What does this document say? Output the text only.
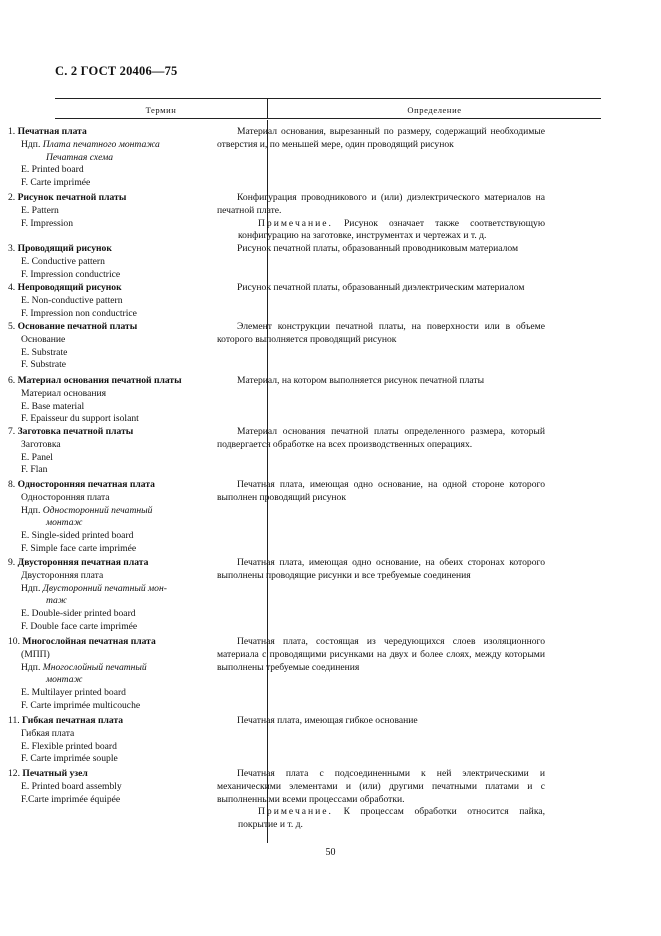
С. 2 ГОСТ 20406—75
Термин	Определение
1. Печатная плата
Ндп. Плата печатного монтажа
Печатная схема
E. Printed board
F. Carte imprimée
Материал основания, вырезанный по размеру, содержащий необходимые отверстия и, по меньшей мере, один проводящий рисунок
2. Рисунок печатной платы
E. Pattern
F. Impression
Конфигурация проводникового и (или) диэлектрического материалов на печатной плате.
Примечание. Рисунок означает также соответствующую конфигурацию на заготовке, инструментах и чертежах и т. д.
3. Проводящий рисунок
E. Conductive pattern
F. Impression conductrice
Рисунок печатной платы, образованный проводниковым материалом
4. Непроводящий рисунок
E. Non-conductive pattern
F. Impression non conductrice
Рисунок печатной платы, образованный диэлектрическим материалом
5. Основание печатной платы
Основание
E. Substrate
F. Substrate
Элемент конструкции печатной платы, на поверхности или в объеме которого выполняется проводящий рисунок
6. Материал основания печатной платы
Материал основания
E. Base material
F. Epaisseur du support isolant
Материал, на котором выполняется рисунок печатной платы
7. Заготовка печатной платы
Заготовка
E. Panel
F. Flan
Материал основания печатной платы определенного размера, который подвергается обработке на всех производственных операциях.
8. Односторонняя печатная плата
Односторонняя плата
Ндп. Односторонний печатный
монтаж
E. Single-sided printed board
F. Simple face carte imprimée
Печатная плата, имеющая одно основание, на одной стороне которого выполнен проводящий рисунок
9. Двусторонняя печатная плата
Двусторонняя плата
Ндп. Двусторонний печатный мон-
таж
E. Double-sider printed board
F. Double face carte imprimée
Печатная плата, имеющая одно основание, на обеих сторонах которого выполнены проводящие рисунки и все требуемые соединения
10. Многослойная печатная плата
(МПП)
Ндп. Многослойный печатный
монтаж
E. Multilayer printed board
F. Carte imprimée multicouche
Печатная плата, состоящая из чередующихся слоев изоляционного материала с проводящими рисунками на двух и более слоях, между которыми выполнены требуемые соединения
11. Гибкая печатная плата
Гибкая плата
E. Flexible printed board
F. Carte imprimée souple
Печатная плата, имеющая гибкое основание
12. Печатный узел
E. Printed board assembly
F.Carte imprimée équipée
Печатная плата с подсоединенными к ней электрическими и механическими элементами и (или) другими печатными платами и с выполненными всеми процессами обработки.
Примечание. К процессам обработки относится пайка, покрытие и т. д.
50
